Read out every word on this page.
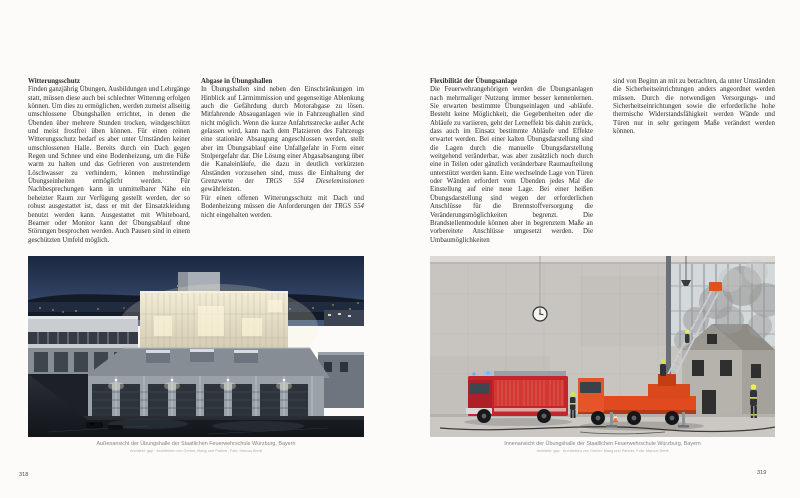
Witterungsschutz

Finden ganzjährig Übungen, Ausbildungen und Lehrgänge statt, müssen diese auch bei schlechter Witterung erfolgen können. Um dies zu ermöglichen, werden zumeist allseitig umschlossene Übungshallen errichtet, in denen die Übenden über mehrere Stunden trocken, windgeschützt und meist frostfrei üben können. Für einen reinen Witterungsschutz bedarf es aber unter Umständen keiner umschlossenen Halle. Bereits durch ein Dach gegen Regen und Schnee und eine Bodenheizung, um die Füße warm zu halten und das Gefrieren von austretendem Löschwasser zu verhindern, können mehrstündige Übungseinheiten ermöglicht werden. Für Nachbesprechungen kann in unmittelbarer Nähe ein beheizter Raum zur Verfügung gestellt werden, der so robust ausgestattet ist, dass er mit der Einsatzkleidung benutzt werden kann. Ausgestattet mit Whiteboard, Beamer oder Monitor kann der Übungsablauf ohne Störungen besprochen werden. Auch Pausen sind in einem geschützten Umfeld möglich.

Abgase in Übungshallen

In Übungshallen sind neben den Einschränkungen im Hinblick auf Lärmimmission und gegenseitige Ablenkung auch die Gefährdung durch Motorabgase zu lösen. Mitfahrende Absauganlagen wie in Fahrzeughallen sind nicht möglich. Wenn die kurze Anfahrtsstrecke außer Acht gelassen wird, kann nach dem Platzieren des Fahrzeugs eine stationäre Absaugung angeschlossen werden, stellt aber im Übungsablauf eine Unfallgefahr in Form einer Stolpergefahr dar. Die Lösung einer Abgasabsaugung über die Kanaleinläufe, die dazu in deutlich verkürzten Abständen vorzusehen sind, muss die Einhaltung der Grenzwerte der TRGS 554 Dieselemissionen gewährleisten.

Für einen offenen Witterungsschutz mit Dach und Bodenheizung müssen die Anforderungen der TRGS 554 nicht eingehalten werden.

Außenansicht der Übungshalle der Staatlichen Feuerwehrschule Würzburg, Bayern
Architekt: gap · Architekten von Gerber, Mang und Partner; Foto: Marcus Bredt
318
Flexibilität der Übungsanlage

Die Feuerwehrangehörigen werden die Übungsanlagen nach mehrmaliger Nutzung immer besser kennenlernen. Sie erwarten bestimmte Übungseinlagen und -abläufe. Besteht keine Möglichkeit, die Gegebenheiten oder die Abläufe zu variieren, geht der Lerneffekt bis dahin zurück, dass auch im Einsatz bestimmte Abläufe und Effekte erwartet werden. Bei einer kalten Übungsdarstellung sind die Lagen durch die manuelle Übungsdarstellung weitgehend veränderbar, was aber zusätzlich noch durch eine in Teilen oder gänzlich veränderbare Raumaufteilung unterstützt werden kann. Eine wechselnde Lage von Türen oder Wänden erfordert vom Übenden jedes Mal die Einstellung auf eine neue Lage. Bei einer heißen Übungsdarstellung sind wegen der erforderlichen Anschlüsse für die Brennstoffversorgung die Veränderungsmöglichkeiten begrenzt. Die Brandstellenmodule können aber in begrenztem Maße an vorbereitete Anschlüsse umgesetzt werden. Die Umbaumöglichkeiten

sind von Beginn an mit zu betrachten, da unter Umständen die Sicherheitseinrichtungen anders angeordnet werden müssen. Durch die notwendigen Versorgungs- und Sicherheitseinrichtungen sowie die erforderliche hohe thermische Widerstandsfähigkeit werden Wände und Türen nur in sehr geringem Maße verändert werden können.

Innenansicht der Übungshalle der Staatlichen Feuerwehrschule Würzburg, Bayern
Architekt: gap · Architekten von Gerber, Mang und Partner; Foto: Marcus Bredt
319
